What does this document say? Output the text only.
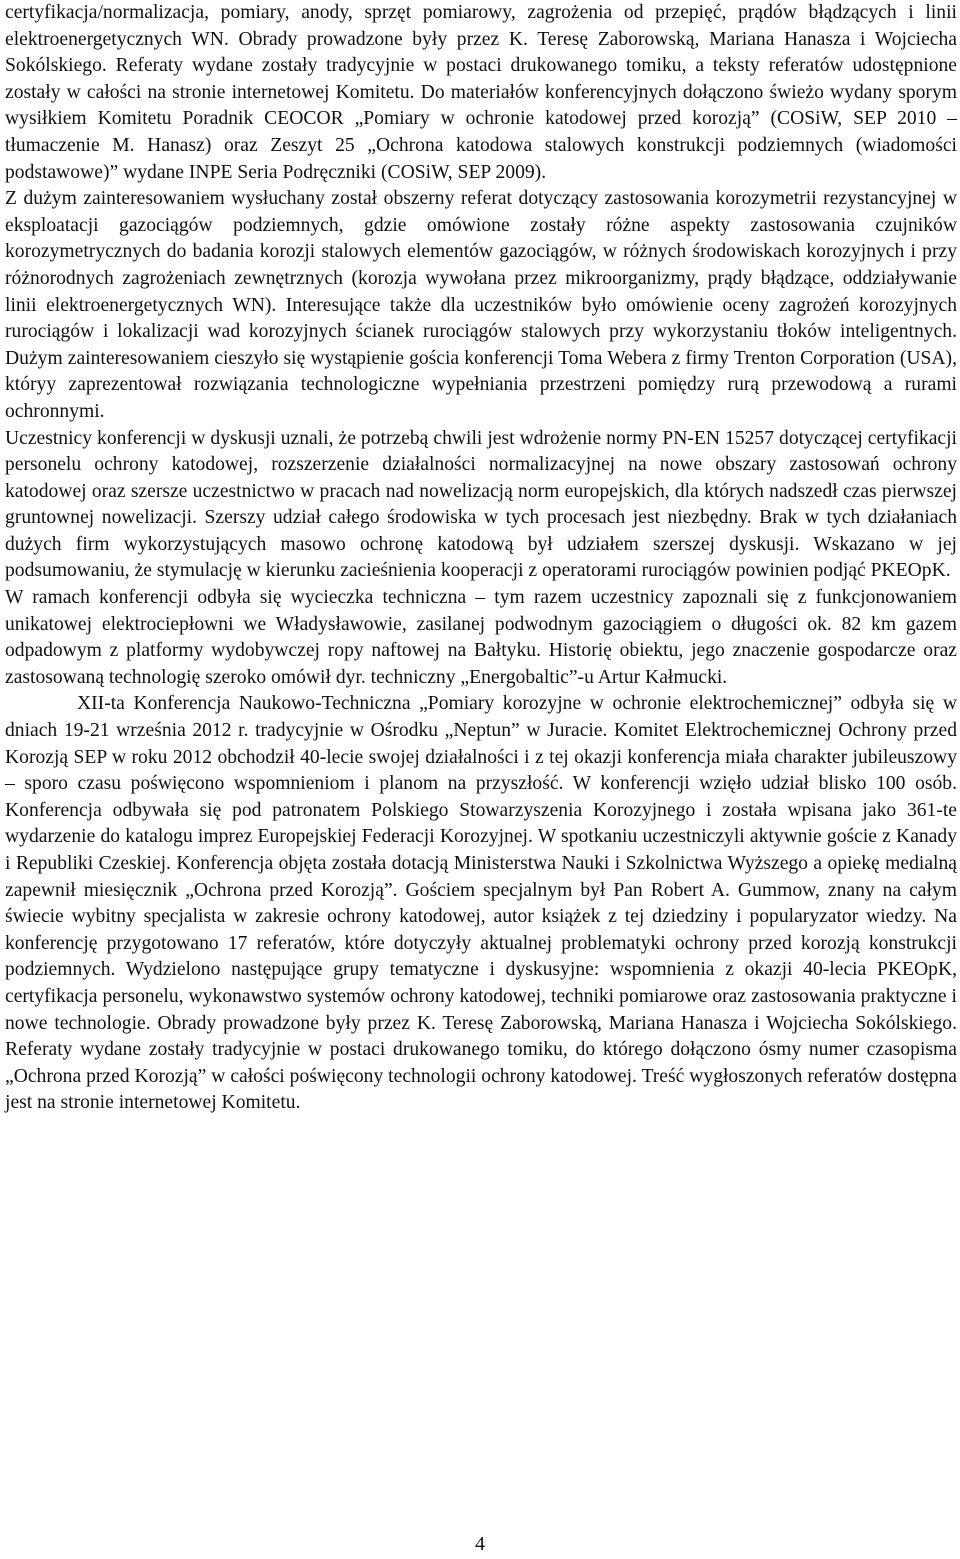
certyfikacja/normalizacja, pomiary, anody, sprzęt pomiarowy, zagrożenia od przepięć, prądów błądzących i linii elektroenergetycznych WN. Obrady prowadzone były przez K. Teresę Zaborowską, Mariana Hanasza i Wojciecha Sokólskiego. Referaty wydane zostały tradycyjnie w postaci drukowanego tomiku, a teksty referatów udostępnione zostały w całości na stronie internetowej Komitetu. Do materiałów konferencyjnych dołączono świeżo wydany sporym wysiłkiem Komitetu Poradnik CEOCOR „Pomiary w ochronie katodowej przed korozją” (COSiW, SEP 2010 – tłumaczenie M. Hanasz) oraz Zeszyt 25 „Ochrona katodowa stalowych konstrukcji podziemnych (wiadomości podstawowe)” wydane INPE Seria Podręczniki (COSiW, SEP 2009).

Z dużym zainteresowaniem wysłuchany został obszerny referat dotyczący zastosowania korozymetrii rezystancyjnej w eksploatacji gazociągów podziemnych, gdzie omówione zostały różne aspekty zastosowania czujników korozymetrycznych do badania korozji stalowych elementów gazociągów, w różnych środowiskach korozyjnych i przy różnorodnych zagrożeniach zewnętrznych (korozja wywołana przez mikroorganizmy, prądy błądzące, oddziaływanie linii elektroenergetycznych WN). Interesujące także dla uczestników było omówienie oceny zagrożeń korozyjnych rurociągów i lokalizacji wad korozyjnych ścianek rurociągów stalowych przy wykorzystaniu tłoków inteligentnych. Dużym zainteresowaniem cieszyło się wystąpienie gościa konferencji Toma Webera z firmy Trenton Corporation (USA), któryy zaprezentował rozwiązania technologiczne wypełniania przestrzeni pomiędzy rurą przewodową a rurami ochronnymi.

Uczestnicy konferencji w dyskusji uznali, że potrzebą chwili jest wdrożenie normy PN-EN 15257 dotyczącej certyfikacji personelu ochrony katodowej, rozszerzenie działalności normalizacyjnej na nowe obszary zastosowań ochrony katodowej oraz szersze uczestnictwo w pracach nad nowelizacją norm europejskich, dla których nadszedł czas pierwszej gruntownej nowelizacji. Szerszy udział całego środowiska w tych procesach jest niezbędny. Brak w tych działaniach dużych firm wykorzystujących masowo ochronę katodową był udziałem szerszej dyskusji. Wskazano w jej podsumowaniu, że stymulację w kierunku zacieśnienia kooperacji z operatorami rurociągów powinien podjąć PKEOpK.

W ramach konferencji odbyła się wycieczka techniczna – tym razem uczestnicy zapoznali się z funkcjonowaniem unikatowej elektrociepłowni we Władysławowie, zasilanej podwodnym gazociągiem o długości ok. 82 km gazem odpadowym z platformy wydobywczej ropy naftowej na Bałtyku. Historię obiektu, jego znaczenie gospodarcze oraz zastosowaną technologię szeroko omówił dyr. techniczny „Energobaltic”-u Artur Kałmucki.

XII-ta Konferencja Naukowo-Techniczna „Pomiary korozyjne w ochronie elektrochemicznej” odbyła się w dniach 19-21 września 2012 r. tradycyjnie w Ośrodku „Neptun” w Juracie. Komitet Elektrochemicznej Ochrony przed Korozją SEP w roku 2012 obchodził 40-lecie swojej działalności i z tej okazji konferencja miała charakter jubileuszowy – sporo czasu poświęcono wspomnieniom i planom na przyszłość. W konferencji wzięło udział blisko 100 osób. Konferencja odbywała się pod patronatem Polskiego Stowarzyszenia Korozyjnego i została wpisana jako 361-te wydarzenie do katalogu imprez Europejskiej Federacji Korozyjnej. W spotkaniu uczestniczyli aktywnie goście z Kanady i Republiki Czeskiej. Konferencja objęta została dotacją Ministerstwa Nauki i Szkolnictwa Wyższego a opiekę medialną zapewnił miesięcznik „Ochrona przed Korozją”. Gościem specjalnym był Pan Robert A. Gummow, znany na całym świecie wybitny specjalista w zakresie ochrony katodowej, autor książek z tej dziedziny i popularyzator wiedzy. Na konferencję przygotowano 17 referatów, które dotyczyły aktualnej problematyki ochrony przed korozją konstrukcji podziemnych. Wydzielono następujące grupy tematyczne i dyskusyjne: wspomnienia z okazji 40-lecia PKEOpK, certyfikacja personelu, wykonawstwo systemów ochrony katodowej, techniki pomiarowe oraz zastosowania praktyczne i nowe technologie. Obrady prowadzone były przez K. Teresę Zaborowską, Mariana Hanasza i Wojciecha Sokólskiego. Referaty wydane zostały tradycyjnie w postaci drukowanego tomiku, do którego dołączono ósmy numer czasopisma „Ochrona przed Korozją” w całości poświęcony technologii ochrony katodowej. Treść wygłoszonych referatów dostępna jest na stronie internetowej Komitetu.

4
